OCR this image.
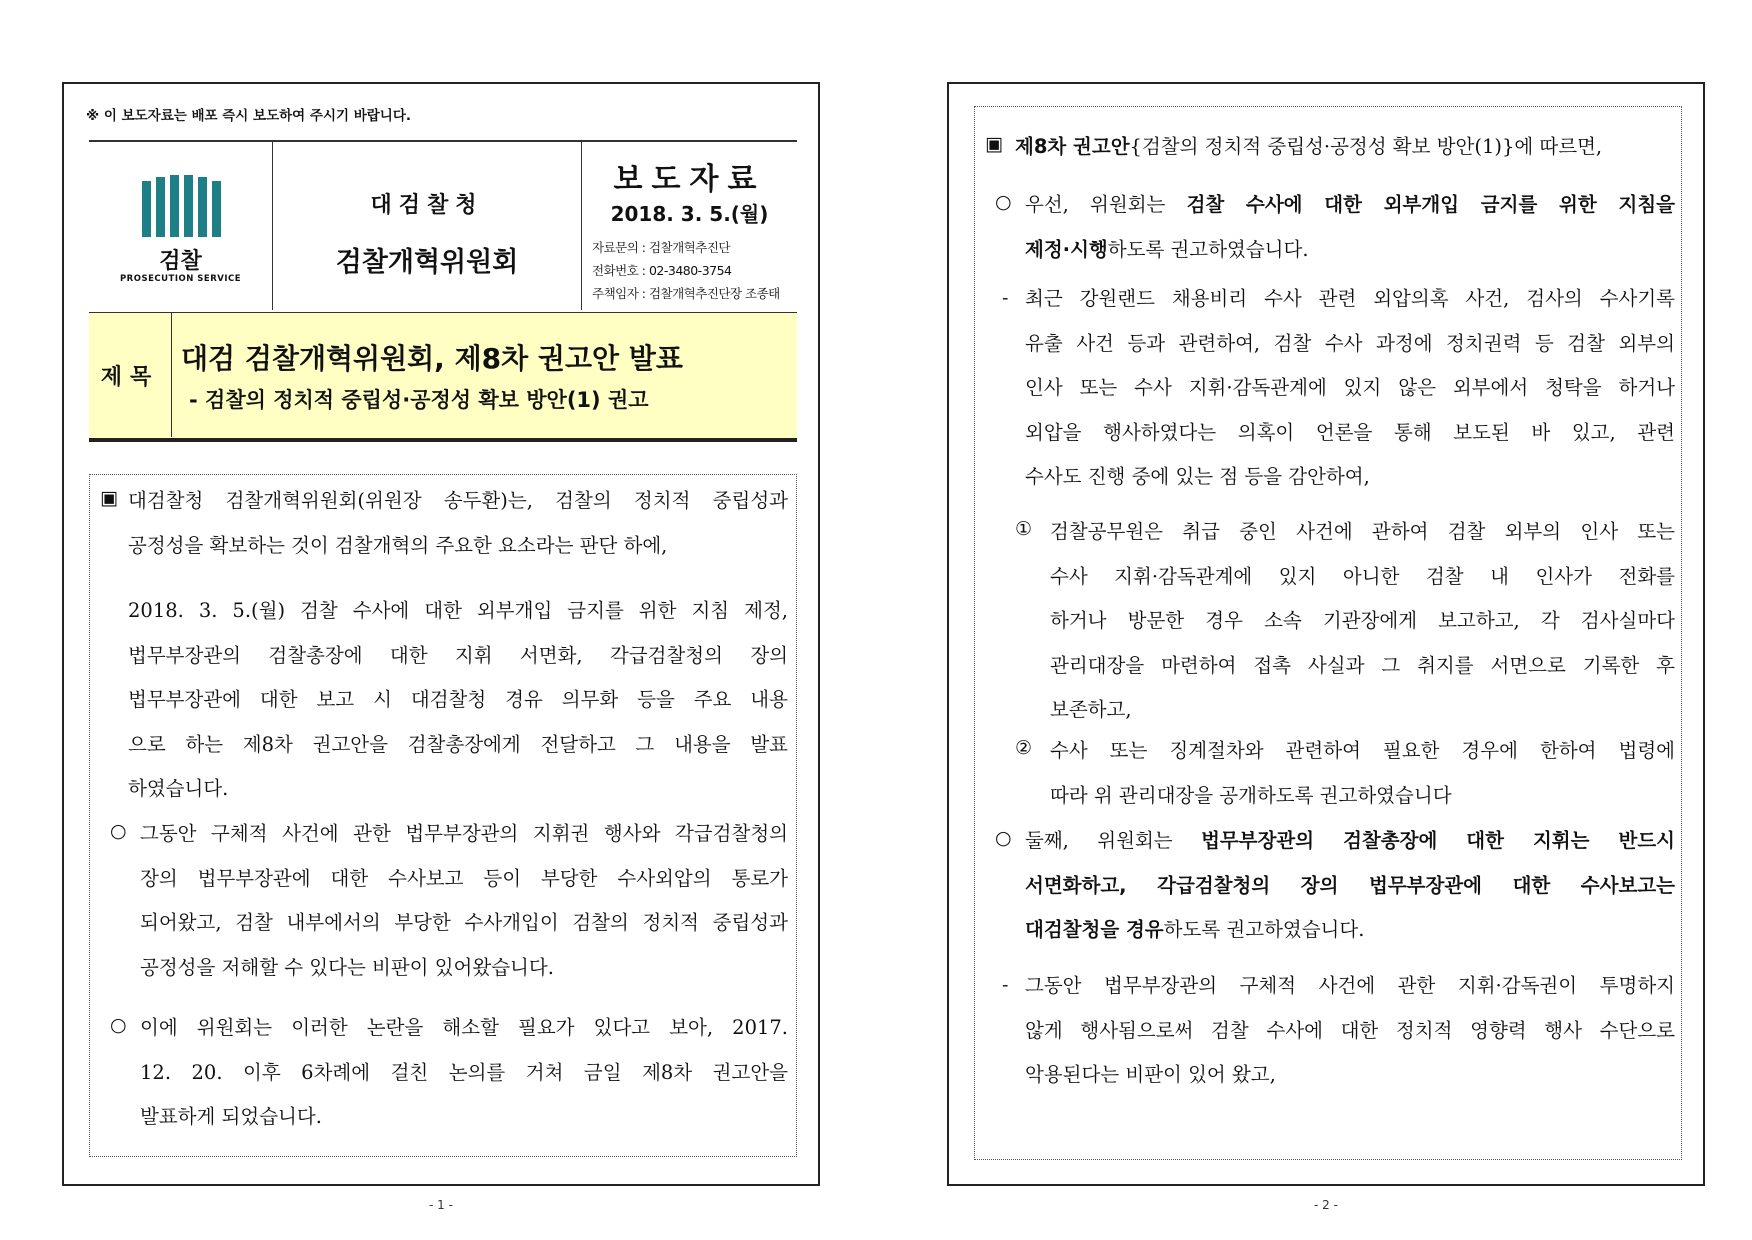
※ 이 보도자료는 배포 즉시 보도하여 주시기 바랍니다.
검찰
PROSECUTION SERVICE
대검찰청
검찰개혁위원회
보도자료
2018. 3. 5.(월)
자료문의 : 검찰개혁추진단
전화번호 : 02-3480-3754
주책임자 : 검찰개혁추진단장 조종태
제목
대검 검찰개혁위원회, 제8차 권고안 발표
- 검찰의 정치적 중립성·공정성 확보 방안(1) 권고
▣ 대검찰청 검찰개혁위원회(위원장 송두환)는, 검찰의 정치적 중립성과
공정성을 확보하는 것이 검찰개혁의 주요한 요소라는 판단 하에,
2018. 3. 5.(월) 검찰 수사에 대한 외부개입 금지를 위한 지침 제정,
법무부장관의 검찰총장에 대한 지휘 서면화, 각급검찰청의 장의
법무부장관에 대한 보고 시 대검찰청 경유 의무화 등을 주요 내용
으로 하는 제8차 권고안을 검찰총장에게 전달하고 그 내용을 발표
하였습니다.
○ 그동안 구체적 사건에 관한 법무부장관의 지휘권 행사와 각급검찰청의
장의 법무부장관에 대한 수사보고 등이 부당한 수사외압의 통로가
되어왔고, 검찰 내부에서의 부당한 수사개입이 검찰의 정치적 중립성과
공정성을 저해할 수 있다는 비판이 있어왔습니다.
○ 이에 위원회는 이러한 논란을 해소할 필요가 있다고 보아, 2017.
12. 20. 이후 6차례에 걸친 논의를 거쳐 금일 제8차 권고안을
발표하게 되었습니다.
- 1 -
▣ 제8차 권고안{검찰의 정치적 중립성·공정성 확보 방안(1)}에 따르면,
○ 우선, 위원회는 검찰 수사에 대한 외부개입 금지를 위한 지침을
제정·시행하도록 권고하였습니다.
- 최근 강원랜드 채용비리 수사 관련 외압의혹 사건, 검사의 수사기록
유출 사건 등과 관련하여, 검찰 수사 과정에 정치권력 등 검찰 외부의
인사 또는 수사 지휘·감독관계에 있지 않은 외부에서 청탁을 하거나
외압을 행사하였다는 의혹이 언론을 통해 보도된 바 있고, 관련
수사도 진행 중에 있는 점 등을 감안하여,
① 검찰공무원은 취급 중인 사건에 관하여 검찰 외부의 인사 또는
수사 지휘·감독관계에 있지 아니한 검찰 내 인사가 전화를
하거나 방문한 경우 소속 기관장에게 보고하고, 각 검사실마다
관리대장을 마련하여 접촉 사실과 그 취지를 서면으로 기록한 후
보존하고,
② 수사 또는 징계절차와 관련하여 필요한 경우에 한하여 법령에
따라 위 관리대장을 공개하도록 권고하였습니다
○ 둘째, 위원회는 법무부장관의 검찰총장에 대한 지휘는 반드시
서면화하고, 각급검찰청의 장의 법무부장관에 대한 수사보고는
대검찰청을 경유하도록 권고하였습니다.
- 그동안 법무부장관의 구체적 사건에 관한 지휘·감독권이 투명하지
않게 행사됨으로써 검찰 수사에 대한 정치적 영향력 행사 수단으로
악용된다는 비판이 있어 왔고,
- 2 -
